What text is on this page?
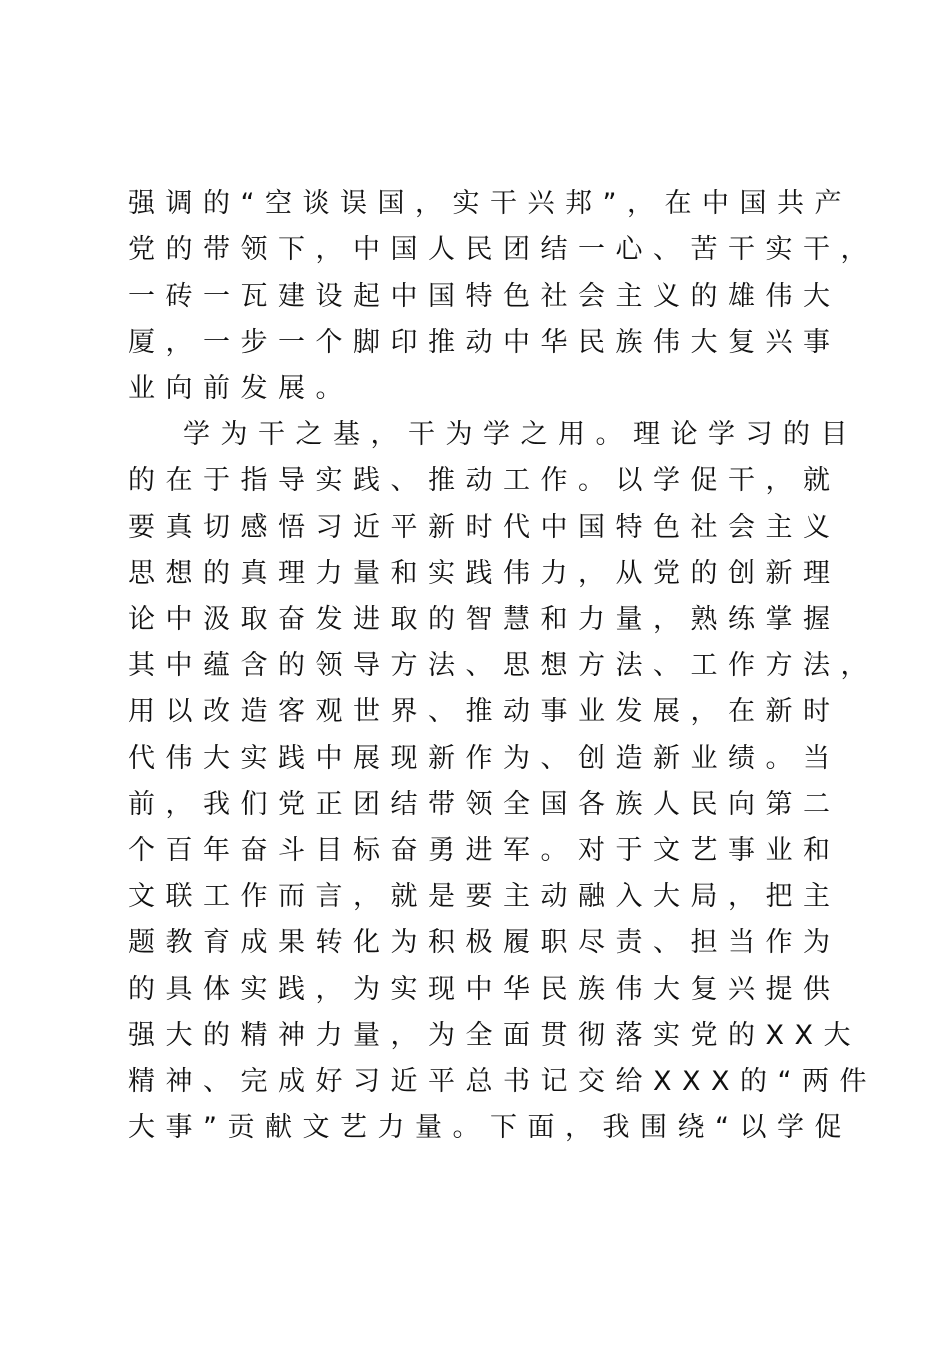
强调的“空谈误国，实干兴邦”，在中国共产
党的带领下，中国人民团结一心、苦干实干，
一砖一瓦建设起中国特色社会主义的雄伟大
厦，一步一个脚印推动中华民族伟大复兴事
业向前发展。
学为干之基，干为学之用。理论学习的目
的在于指导实践、推动工作。以学促干，就
要真切感悟习近平新时代中国特色社会主义
思想的真理力量和实践伟力，从党的创新理
论中汲取奋发进取的智慧和力量，熟练掌握
其中蕴含的领导方法、思想方法、工作方法，
用以改造客观世界、推动事业发展，在新时
代伟大实践中展现新作为、创造新业绩。当
前，我们党正团结带领全国各族人民向第二
个百年奋斗目标奋勇进军。对于文艺事业和
文联工作而言，就是要主动融入大局，把主
题教育成果转化为积极履职尽责、担当作为
的具体实践，为实现中华民族伟大复兴提供
强大的精神力量，为全面贯彻落实党的XX大
精神、完成好习近平总书记交给XXX的“两件
大事”贡献文艺力量。下面，我围绕“以学促
